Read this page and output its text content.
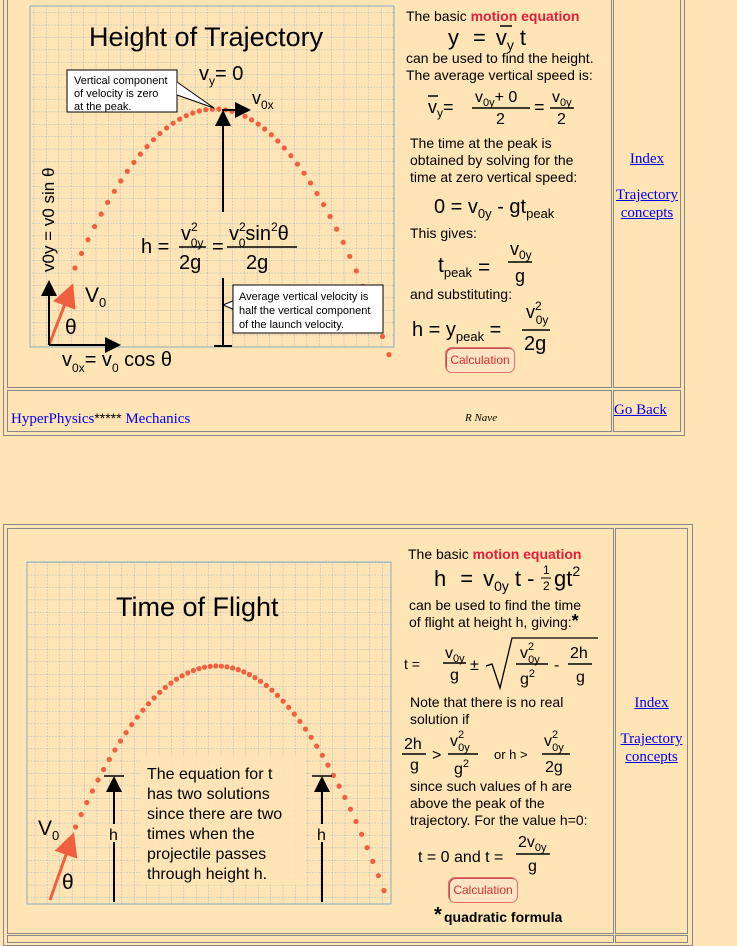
Height of Trajectory
Vertical component
of velocity is zero
at the peak.
$v_y= 0$
$v_{0x}$
h =
$v^2$ 0y
2g
=
$v^2$ $0\sin^2\theta$
2g
Average vertical velocity is
half the vertical component
of the launch velocity.
v0y = v0 sin θ
$V_0$
θ
$v_{0x}= v_0$ cos θ
The basic motion equation
$y = v_y$ t
can be used to find the height.
The average vertical speed is:
$v_y= v_{0y}+ 0$
2
= $v_{0y}$
2
The time at the peak is
obtained by solving for the
time at zero vertical speed:
$0 = v_{0y} - gt_{peak}$
This gives:
$t_{peak}$ =
$v_{0y}$
g
and substituting:
$h = y_{peak}$ =
$v^2$ 0y
2g
Calculation
Index
Trajectory
concepts
HyperPhysics***** Mechanics	R Nave	Go Back
Time of Flight
The equation for t
has two solutions
since there are two
times when the
projectile passes
through height h.
h	h
$V_0$
θ
The basic motion equation
$h = v_{0y}$ t - 1
2 $gt^2$
can be used to find the time
of flight at height h, giving:*
t =
$v_{0y}$
g
±
$v^2$ 0y
$g^2$ -
2h
g
Note that there is no real
solution if
2h
g
>
$v^2$ 0y
$g^2$
or h >
$v^2$ 0y
2g
since such values of h are
above the peak of the
trajectory. For the value h=0:
t = 0 and t =
$2v_{0y}$
g
* quadratic formula
Calculation
Index
Trajectory
concepts
